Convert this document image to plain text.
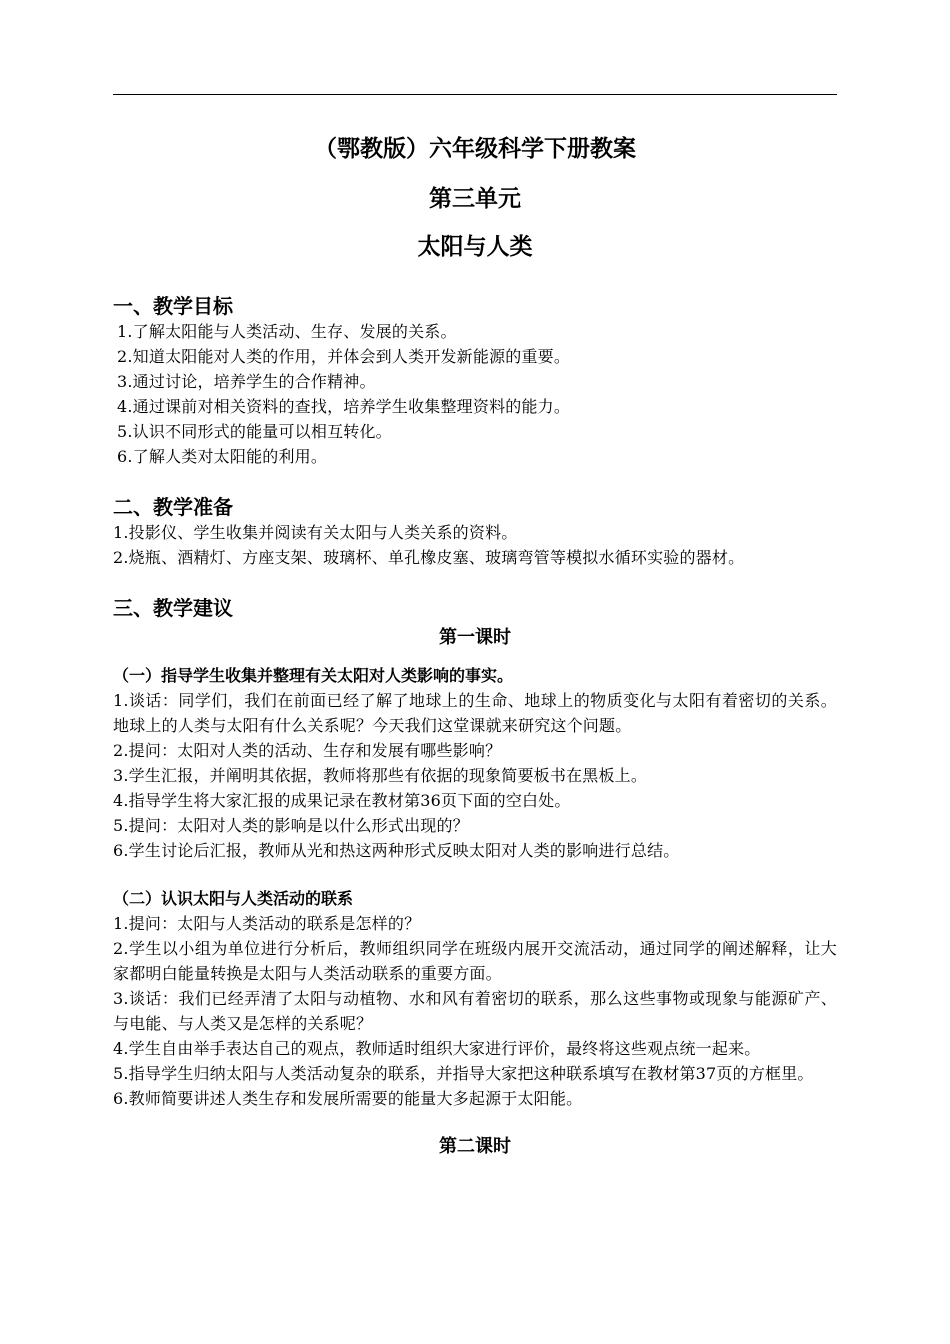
（鄂教版）六年级科学下册教案

第三单元

太阳与人类

一、教学目标

1.了解太阳能与人类活动、生存、发展的关系。

2.知道太阳能对人类的作用，并体会到人类开发新能源的重要。

3.通过讨论，培养学生的合作精神。

4.通过课前对相关资料的查找，培养学生收集整理资料的能力。

5.认识不同形式的能量可以相互转化。

6.了解人类对太阳能的利用。

二、教学准备

1.投影仪、学生收集并阅读有关太阳与人类关系的资料。

2.烧瓶、酒精灯、方座支架、玻璃杯、单孔橡皮塞、玻璃弯管等模拟水循环实验的器材。

三、教学建议

第一课时

（一）指导学生收集并整理有关太阳对人类影响的事实。

1.谈话：同学们，我们在前面已经了解了地球上的生命、地球上的物质变化与太阳有着密切的关系。地球上的人类与太阳有什么关系呢？今天我们这堂课就来研究这个问题。

2.提问：太阳对人类的活动、生存和发展有哪些影响？

3.学生汇报，并阐明其依据，教师将那些有依据的现象简要板书在黑板上。

4.指导学生将大家汇报的成果记录在教材第36页下面的空白处。

5.提问：太阳对人类的影响是以什么形式出现的？

6.学生讨论后汇报，教师从光和热这两种形式反映太阳对人类的影响进行总结。

（二）认识太阳与人类活动的联系

1.提问：太阳与人类活动的联系是怎样的？

2.学生以小组为单位进行分析后，教师组织同学在班级内展开交流活动，通过同学的阐述解释，让大家都明白能量转换是太阳与人类活动联系的重要方面。

3.谈话：我们已经弄清了太阳与动植物、水和风有着密切的联系，那么这些事物或现象与能源矿产、与电能、与人类又是怎样的关系呢？

4.学生自由举手表达自己的观点，教师适时组织大家进行评价，最终将这些观点统一起来。

5.指导学生归纳太阳与人类活动复杂的联系，并指导大家把这种联系填写在教材第37页的方框里。

6.教师简要讲述人类生存和发展所需要的能量大多起源于太阳能。

第二课时
